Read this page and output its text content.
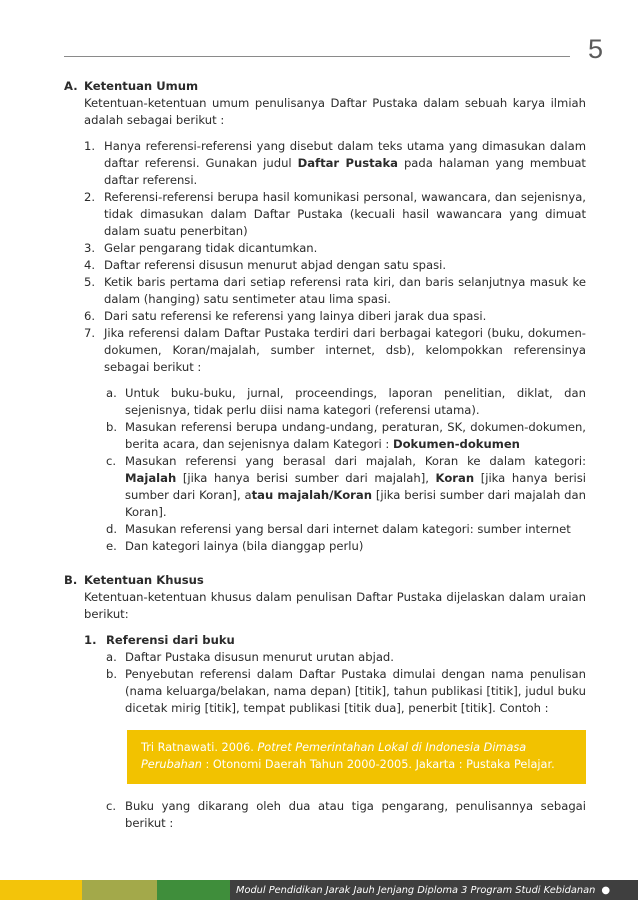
5
A. Ketentuan Umum
Ketentuan-ketentuan umum penulisanya Daftar Pustaka dalam sebuah karya ilmiah adalah sebagai berikut :
1. Hanya referensi-referensi yang disebut dalam teks utama yang dimasukan dalam daftar referensi. Gunakan judul Daftar Pustaka pada halaman yang membuat daftar referensi.
2. Referensi-referensi berupa hasil komunikasi personal, wawancara, dan sejenisnya, tidak dimasukan dalam Daftar Pustaka (kecuali hasil wawancara yang dimuat dalam suatu penerbitan)
3. Gelar pengarang tidak dicantumkan.
4. Daftar referensi disusun menurut abjad dengan satu spasi.
5. Ketik baris pertama dari setiap referensi rata kiri, dan baris selanjutnya masuk ke dalam (hanging) satu sentimeter atau lima spasi.
6. Dari satu referensi ke referensi yang lainya diberi jarak dua spasi.
7. Jika referensi dalam Daftar Pustaka terdiri dari berbagai kategori (buku, dokumen-dokumen, Koran/majalah, sumber internet, dsb), kelompokkan referensinya sebagai berikut :
a. Untuk buku-buku, jurnal, proceendings, laporan penelitian, diklat, dan sejenisnya, tidak perlu diisi nama kategori (referensi utama).
b. Masukan referensi berupa undang-undang, peraturan, SK, dokumen-dokumen, berita acara, dan sejenisnya dalam Kategori : Dokumen-dokumen
c. Masukan referensi yang berasal dari majalah, Koran ke dalam kategori: Majalah [jika hanya berisi sumber dari majalah], Koran [jika hanya berisi sumber dari Koran], atau majalah/Koran [jika berisi sumber dari majalah dan Koran].
d. Masukan referensi yang bersal dari internet dalam kategori: sumber internet
e. Dan kategori lainya (bila dianggap perlu)
B. Ketentuan Khusus
Ketentuan-ketentuan khusus dalam penulisan Daftar Pustaka dijelaskan dalam uraian berikut:
1. Referensi dari buku
a. Daftar Pustaka disusun menurut urutan abjad.
b. Penyebutan referensi dalam Daftar Pustaka dimulai dengan nama penulisan (nama keluarga/belakan, nama depan) [titik], tahun publikasi [titik], judul buku dicetak mirig [titik], tempat publikasi [titik dua], penerbit [titik]. Contoh :
Tri Ratnawati. 2006. Potret Pemerintahan Lokal di Indonesia Dimasa Perubahan : Otonomi Daerah Tahun 2000-2005. Jakarta : Pustaka Pelajar.
c. Buku yang dikarang oleh dua atau tiga pengarang, penulisannya sebagai berikut :
Modul Pendidikan Jarak Jauh Jenjang Diploma 3 Program Studi Kebidanan ●
